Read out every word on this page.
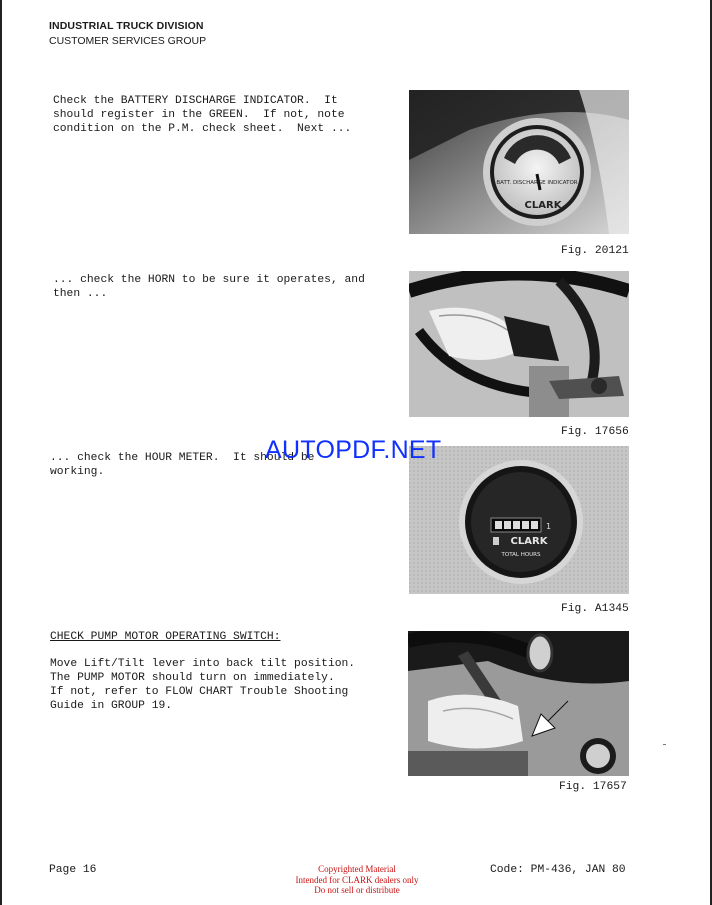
INDUSTRIAL TRUCK DIVISION
CUSTOMER SERVICES GROUP
Check the BATTERY DISCHARGE INDICATOR.  It
should register in the GREEN.  If not, note
condition on the P.M. check sheet.  Next ...
BATT. DISCHARGE INDICATOR
CLARK
Fig. 20121
... check the HORN to be sure it operates, and
then ...
Fig. 17656
... check the HOUR METER.  It should be
working.
1
CLARK
TOTAL HOURS
Fig. A1345
CHECK PUMP MOTOR OPERATING SWITCH:
Move Lift/Tilt lever into back tilt position.
The PUMP MOTOR should turn on immediately.
If not, refer to FLOW CHART Trouble Shooting
Guide in GROUP 19.
Fig. 17657
AUTOPDF.NET
Page 16	Copyrighted Material
Intended for CLARK dealers only
Do not sell or distribute
Code: PM-436, JAN 80
